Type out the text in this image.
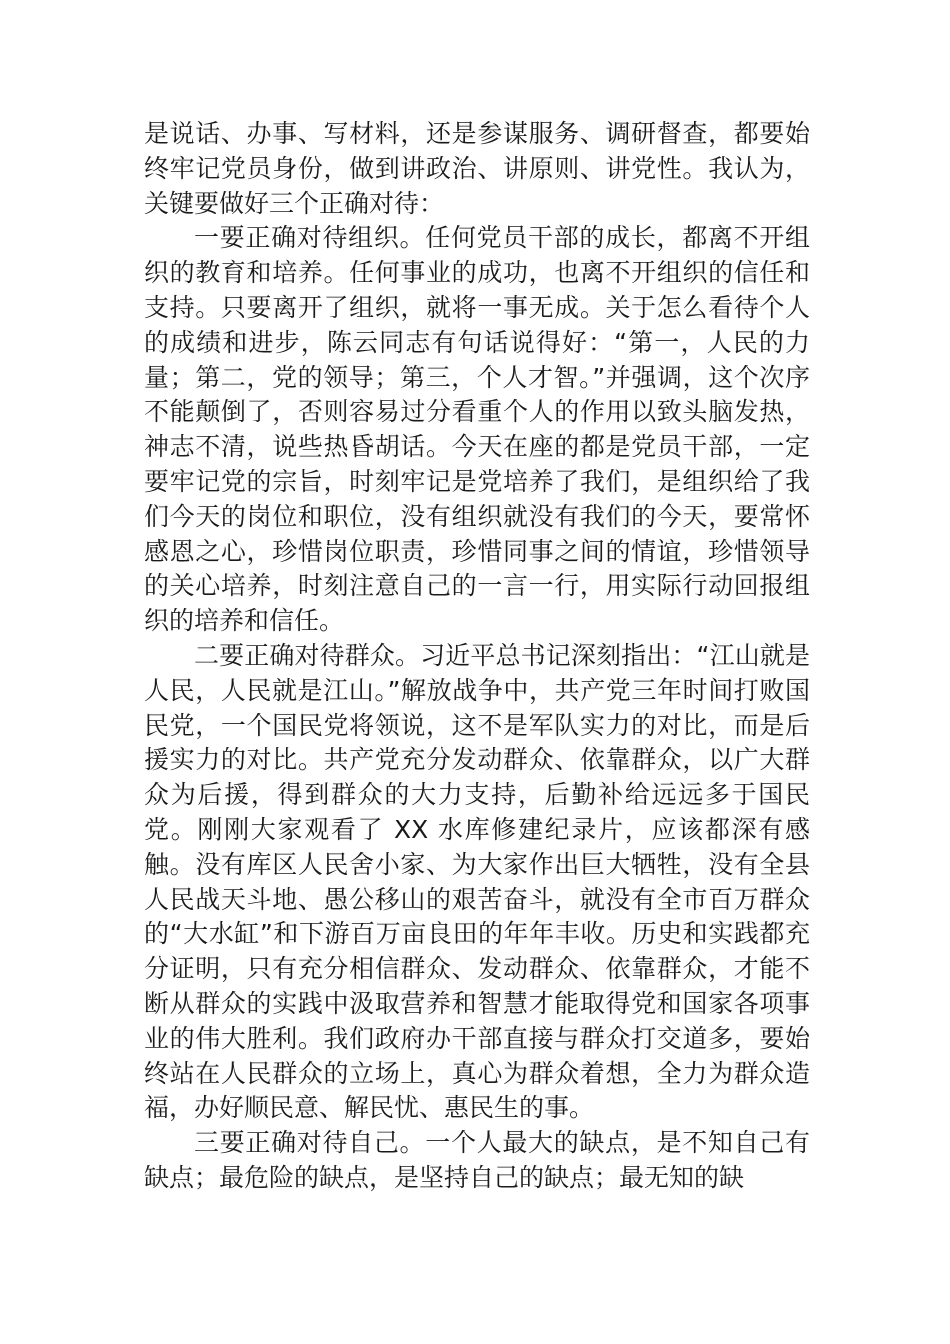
是说话、办事、写材料，还是参谋服务、调研督查，都要始终牢记党员身份，做到讲政治、讲原则、讲党性。我认为，关键要做好三个正确对待：

一要正确对待组织。任何党员干部的成长，都离不开组织的教育和培养。任何事业的成功，也离不开组织的信任和支持。只要离开了组织，就将一事无成。关于怎么看待个人的成绩和进步，陈云同志有句话说得好：“第一，人民的力量；第二，党的领导；第三，个人才智。”并强调，这个次序不能颠倒了，否则容易过分看重个人的作用以致头脑发热，神志不清，说些热昏胡话。今天在座的都是党员干部，一定要牢记党的宗旨，时刻牢记是党培养了我们，是组织给了我们今天的岗位和职位，没有组织就没有我们的今天，要常怀感恩之心，珍惜岗位职责，珍惜同事之间的情谊，珍惜领导的关心培养，时刻注意自己的一言一行，用实际行动回报组织的培养和信任。

二要正确对待群众。习近平总书记深刻指出：“江山就是人民，人民就是江山。”解放战争中，共产党三年时间打败国民党，一个国民党将领说，这不是军队实力的对比，而是后援实力的对比。共产党充分发动群众、依靠群众，以广大群众为后援，得到群众的大力支持，后勤补给远远多于国民党。刚刚大家观看了 XX 水库修建纪录片，应该都深有感触。没有库区人民舍小家、为大家作出巨大牺牲，没有全县人民战天斗地、愚公移山的艰苦奋斗，就没有全市百万群众的“大水缸”和下游百万亩良田的年年丰收。历史和实践都充分证明，只有充分相信群众、发动群众、依靠群众，才能不断从群众的实践中汲取营养和智慧才能取得党和国家各项事业的伟大胜利。我们政府办干部直接与群众打交道多，要始终站在人民群众的立场上，真心为群众着想，全力为群众造福，办好顺民意、解民忧、惠民生的事。

三要正确对待自己。一个人最大的缺点，是不知自己有缺点；最危险的缺点，是坚持自己的缺点；最无知的缺
